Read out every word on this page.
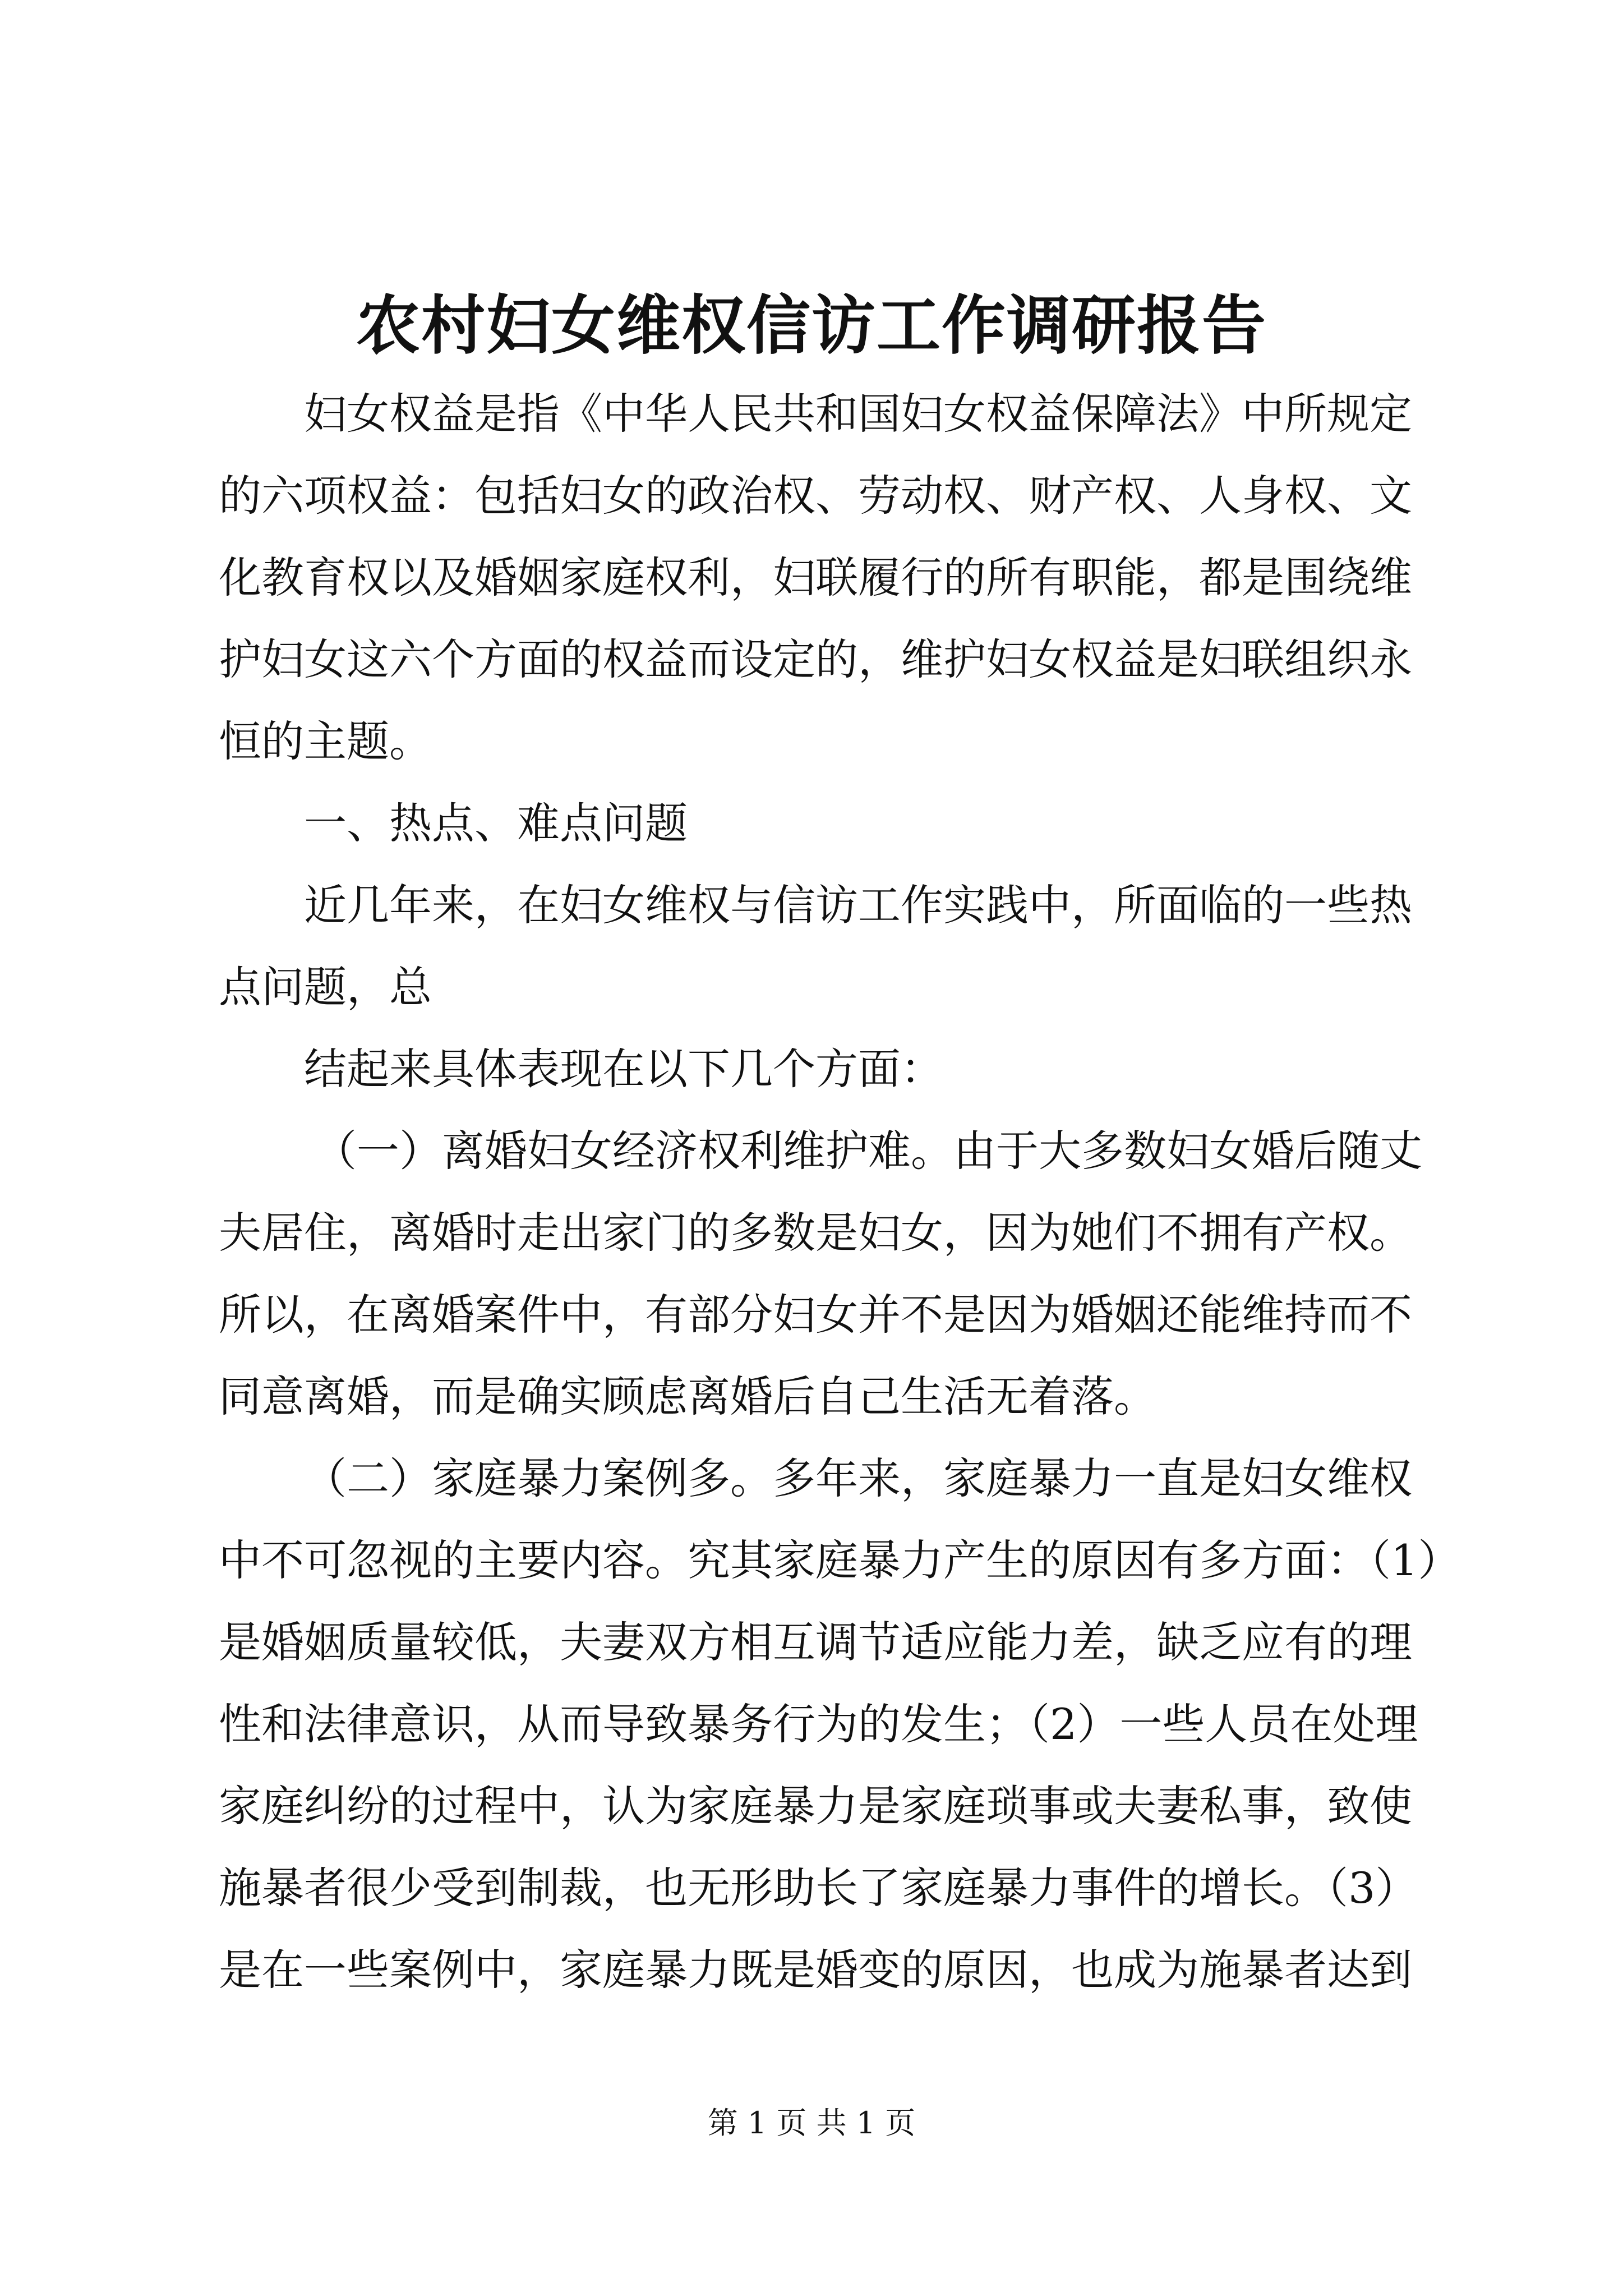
农村妇女维权信访工作调研报告
妇女权益是指《中华人民共和国妇女权益保障法》中所规定
的六项权益：包括妇女的政治权、劳动权、财产权、人身权、文
化教育权以及婚姻家庭权利，妇联履行的所有职能，都是围绕维
护妇女这六个方面的权益而设定的，维护妇女权益是妇联组织永
恒的主题。
一、热点、难点问题
近几年来，在妇女维权与信访工作实践中，所面临的一些热
点问题，总
结起来具体表现在以下几个方面：
（一）离婚妇女经济权利维护难。由于大多数妇女婚后随丈
夫居住，离婚时走出家门的多数是妇女，因为她们不拥有产权。
所以，在离婚案件中，有部分妇女并不是因为婚姻还能维持而不
同意离婚，而是确实顾虑离婚后自己生活无着落。
（二）家庭暴力案例多。多年来，家庭暴力一直是妇女维权
中不可忽视的主要内容。究其家庭暴力产生的原因有多方面：（1）
是婚姻质量较低，夫妻双方相互调节适应能力差，缺乏应有的理
性和法律意识，从而导致暴务行为的发生；（2）一些人员在处理
家庭纠纷的过程中，认为家庭暴力是家庭琐事或夫妻私事，致使
施暴者很少受到制裁，也无形助长了家庭暴力事件的增长。（3）
是在一些案例中，家庭暴力既是婚变的原因，也成为施暴者达到
第 1 页 共 1 页
